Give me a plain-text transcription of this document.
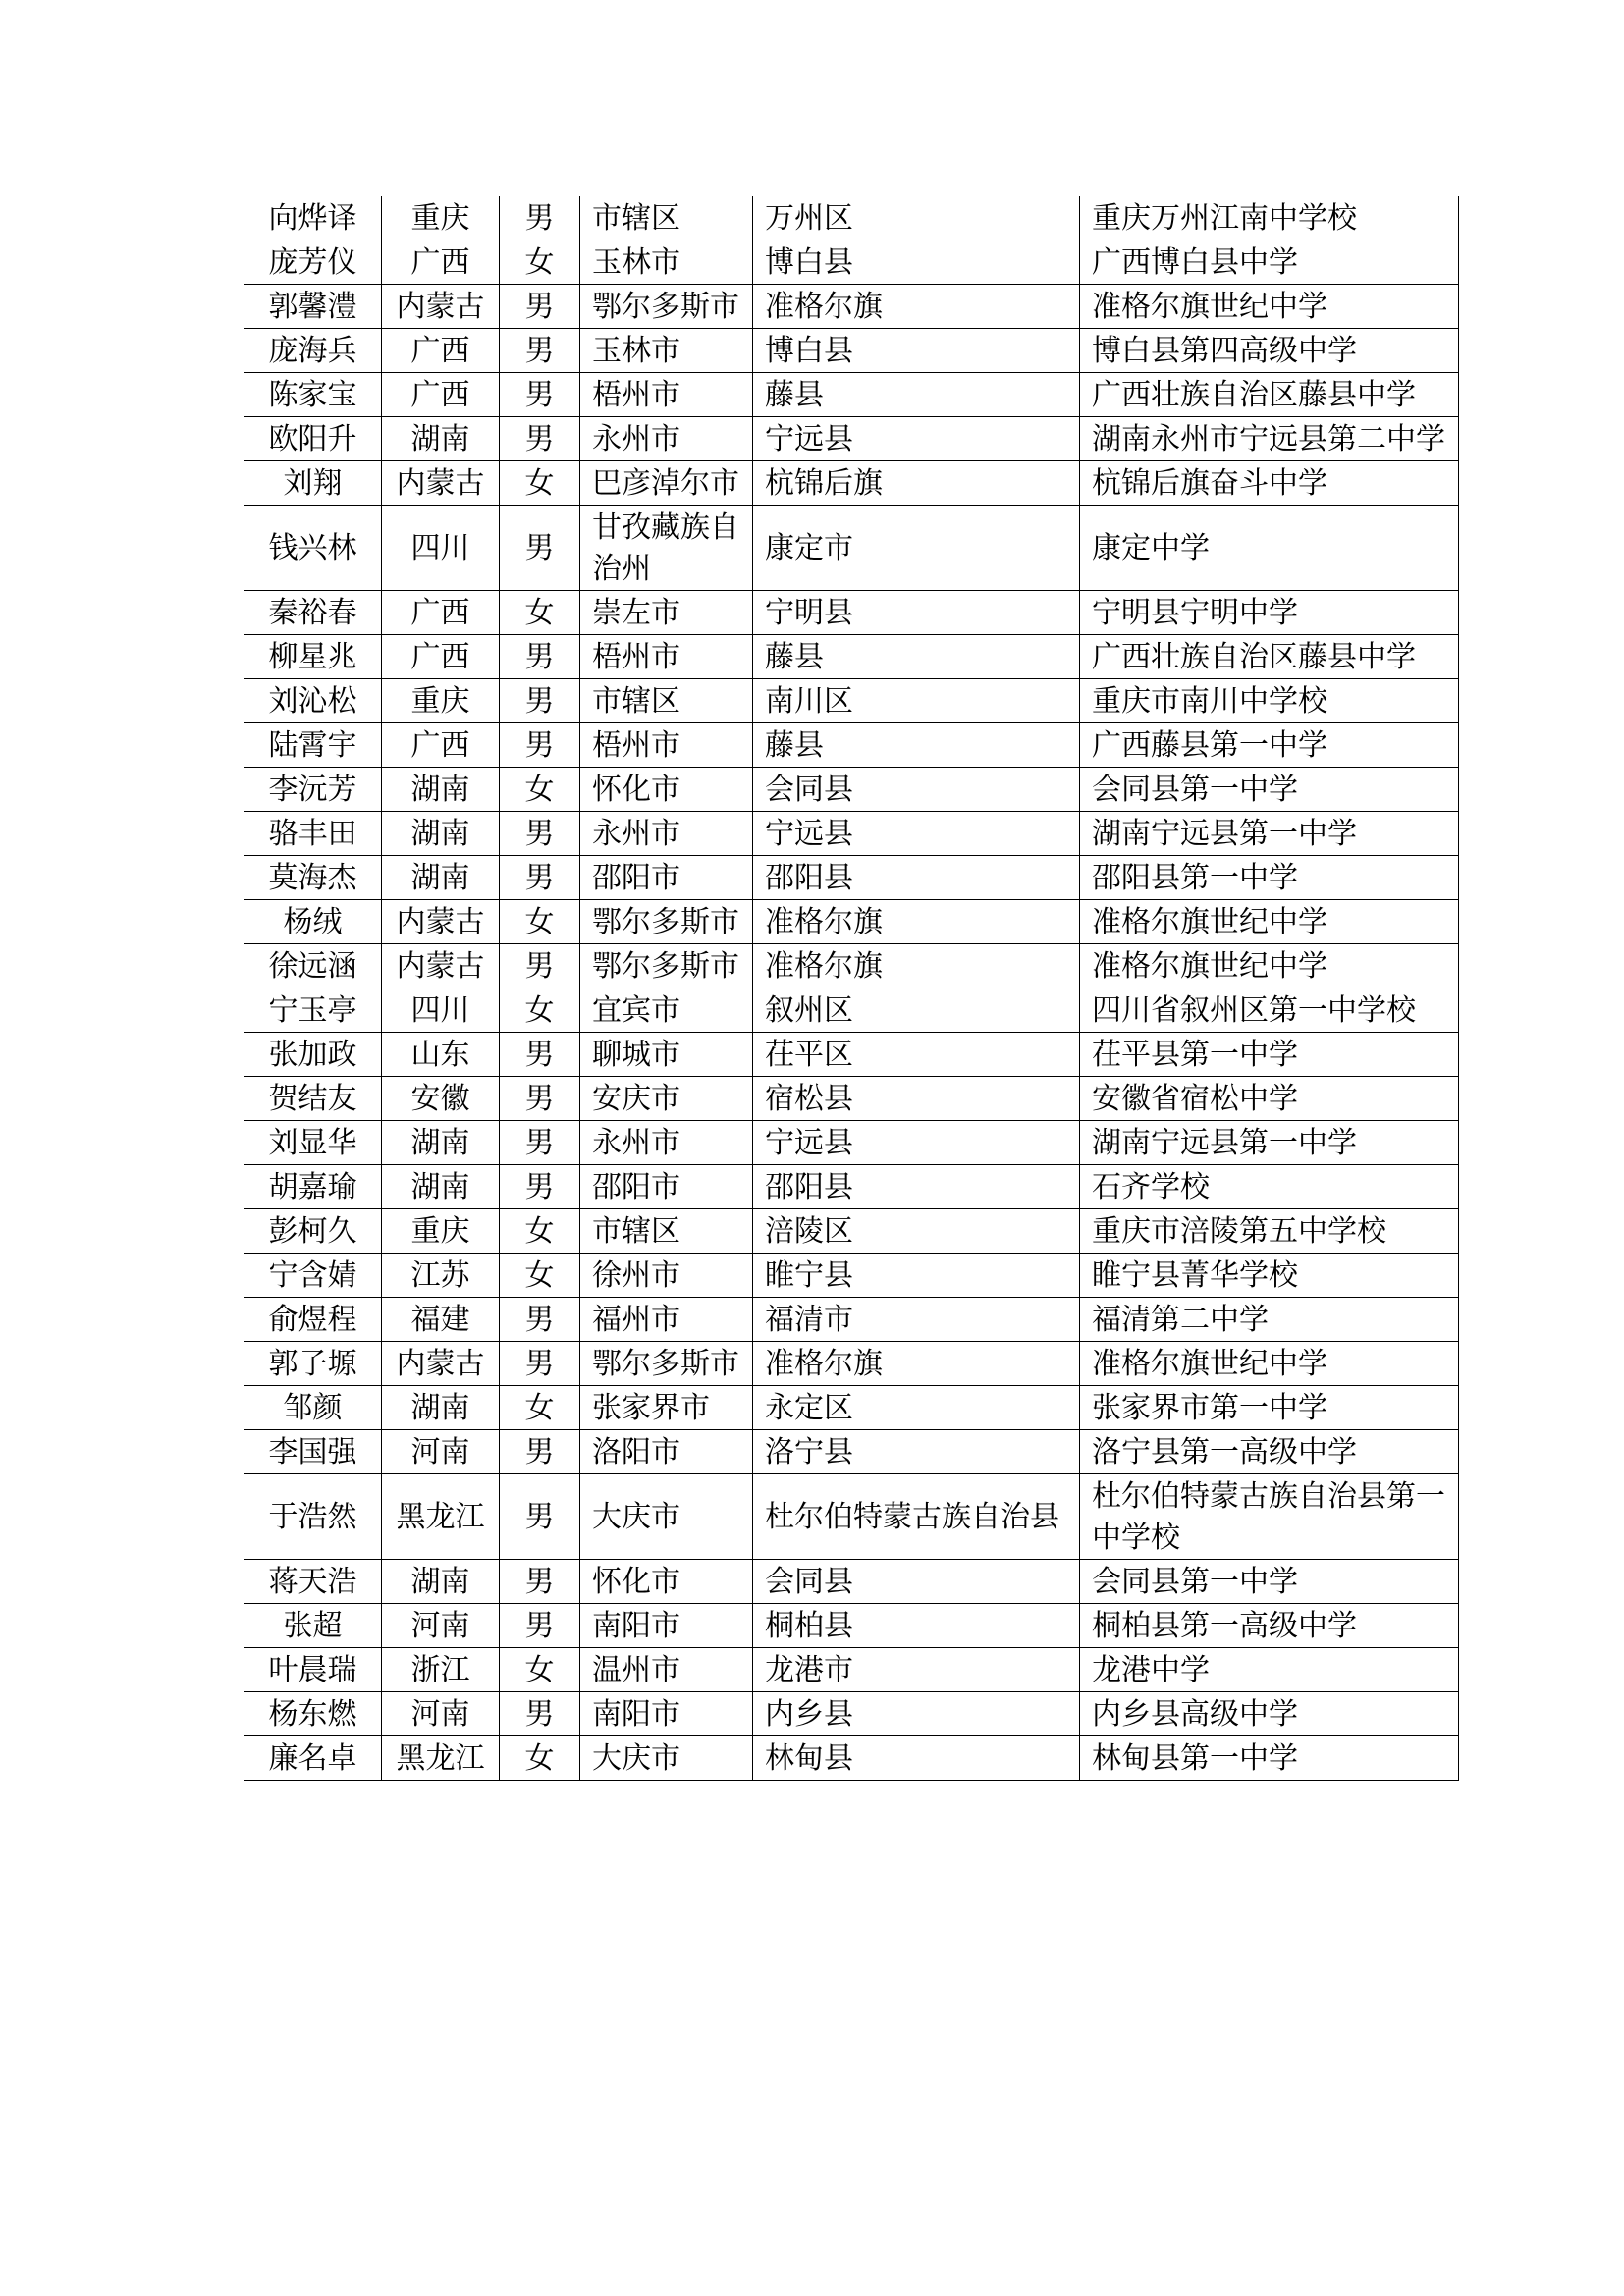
向烨译	重庆	男	市辖区	万州区	重庆万州江南中学校
庞芳仪	广西	女	玉林市	博白县	广西博白县中学
郭馨澧	内蒙古	男	鄂尔多斯市	准格尔旗	准格尔旗世纪中学
庞海兵	广西	男	玉林市	博白县	博白县第四高级中学
陈家宝	广西	男	梧州市	藤县	广西壮族自治区藤县中学
欧阳升	湖南	男	永州市	宁远县	湖南永州市宁远县第二中学
刘翔	内蒙古	女	巴彦淖尔市	杭锦后旗	杭锦后旗奋斗中学
钱兴林	四川	男	甘孜藏族自治州	康定市	康定中学
秦裕春	广西	女	崇左市	宁明县	宁明县宁明中学
柳星兆	广西	男	梧州市	藤县	广西壮族自治区藤县中学
刘沁松	重庆	男	市辖区	南川区	重庆市南川中学校
陆霄宇	广西	男	梧州市	藤县	广西藤县第一中学
李沅芳	湖南	女	怀化市	会同县	会同县第一中学
骆丰田	湖南	男	永州市	宁远县	湖南宁远县第一中学
莫海杰	湖南	男	邵阳市	邵阳县	邵阳县第一中学
杨绒	内蒙古	女	鄂尔多斯市	准格尔旗	准格尔旗世纪中学
徐远涵	内蒙古	男	鄂尔多斯市	准格尔旗	准格尔旗世纪中学
宁玉亭	四川	女	宜宾市	叙州区	四川省叙州区第一中学校
张加政	山东	男	聊城市	茌平区	茌平县第一中学
贺结友	安徽	男	安庆市	宿松县	安徽省宿松中学
刘显华	湖南	男	永州市	宁远县	湖南宁远县第一中学
胡嘉瑜	湖南	男	邵阳市	邵阳县	石齐学校
彭柯久	重庆	女	市辖区	涪陵区	重庆市涪陵第五中学校
宁含婧	江苏	女	徐州市	睢宁县	睢宁县菁华学校
俞煜程	福建	男	福州市	福清市	福清第二中学
郭子塬	内蒙古	男	鄂尔多斯市	准格尔旗	准格尔旗世纪中学
邹颜	湖南	女	张家界市	永定区	张家界市第一中学
李国强	河南	男	洛阳市	洛宁县	洛宁县第一高级中学
于浩然	黑龙江	男	大庆市	杜尔伯特蒙古族自治县	杜尔伯特蒙古族自治县第一中学校
蒋天浩	湖南	男	怀化市	会同县	会同县第一中学
张超	河南	男	南阳市	桐柏县	桐柏县第一高级中学
叶晨瑞	浙江	女	温州市	龙港市	龙港中学
杨东燃	河南	男	南阳市	内乡县	内乡县高级中学
廉名卓	黑龙江	女	大庆市	林甸县	林甸县第一中学
